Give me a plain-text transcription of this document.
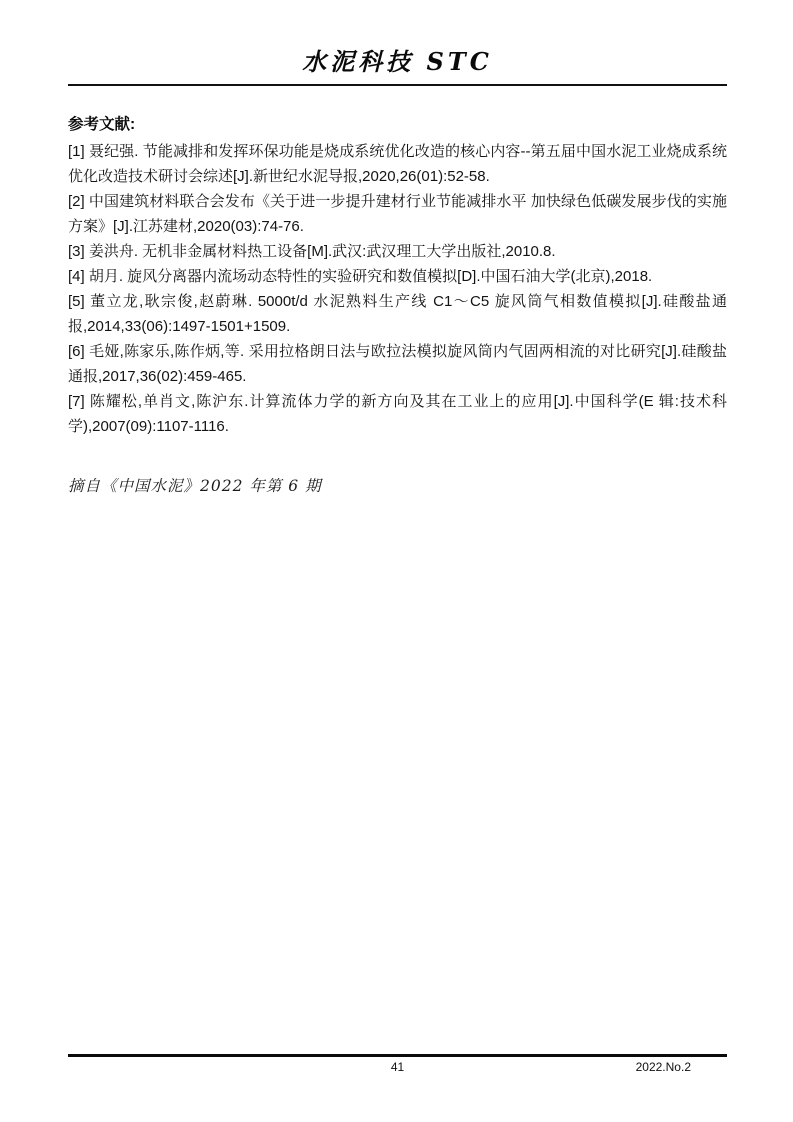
水泥科技 STC

参考文献:

[1] 聂纪强. 节能减排和发挥环保功能是烧成系统优化改造的核心内容--第五届中国水泥工业烧成系统优化改造技术研讨会综述[J].新世纪水泥导报,2020,26(01):52-58.

[2] 中国建筑材料联合会发布《关于进一步提升建材行业节能减排水平 加快绿色低碳发展步伐的实施方案》[J].江苏建材,2020(03):74-76.

[3] 姜洪舟. 无机非金属材料热工设备[M].武汉:武汉理工大学出版社,2010.8.

[4] 胡月. 旋风分离器内流场动态特性的实验研究和数值模拟[D].中国石油大学(北京),2018.

[5] 董立龙,耿宗俊,赵蔚琳. 5000t/d 水泥熟料生产线 C1～C5 旋风筒气相数值模拟[J].硅酸盐通报,2014,33(06):1497-1501+1509.

[6] 毛娅,陈家乐,陈作炳,等. 采用拉格朗日法与欧拉法模拟旋风筒内气固两相流的对比研究[J].硅酸盐通报,2017,36(02):459-465.

[7] 陈耀松,单肖文,陈沪东.计算流体力学的新方向及其在工业上的应用[J].中国科学(E 辑:技术科学),2007(09):1107-1116.

摘自《中国水泥》2022 年第 6 期

41	2022.No.2
